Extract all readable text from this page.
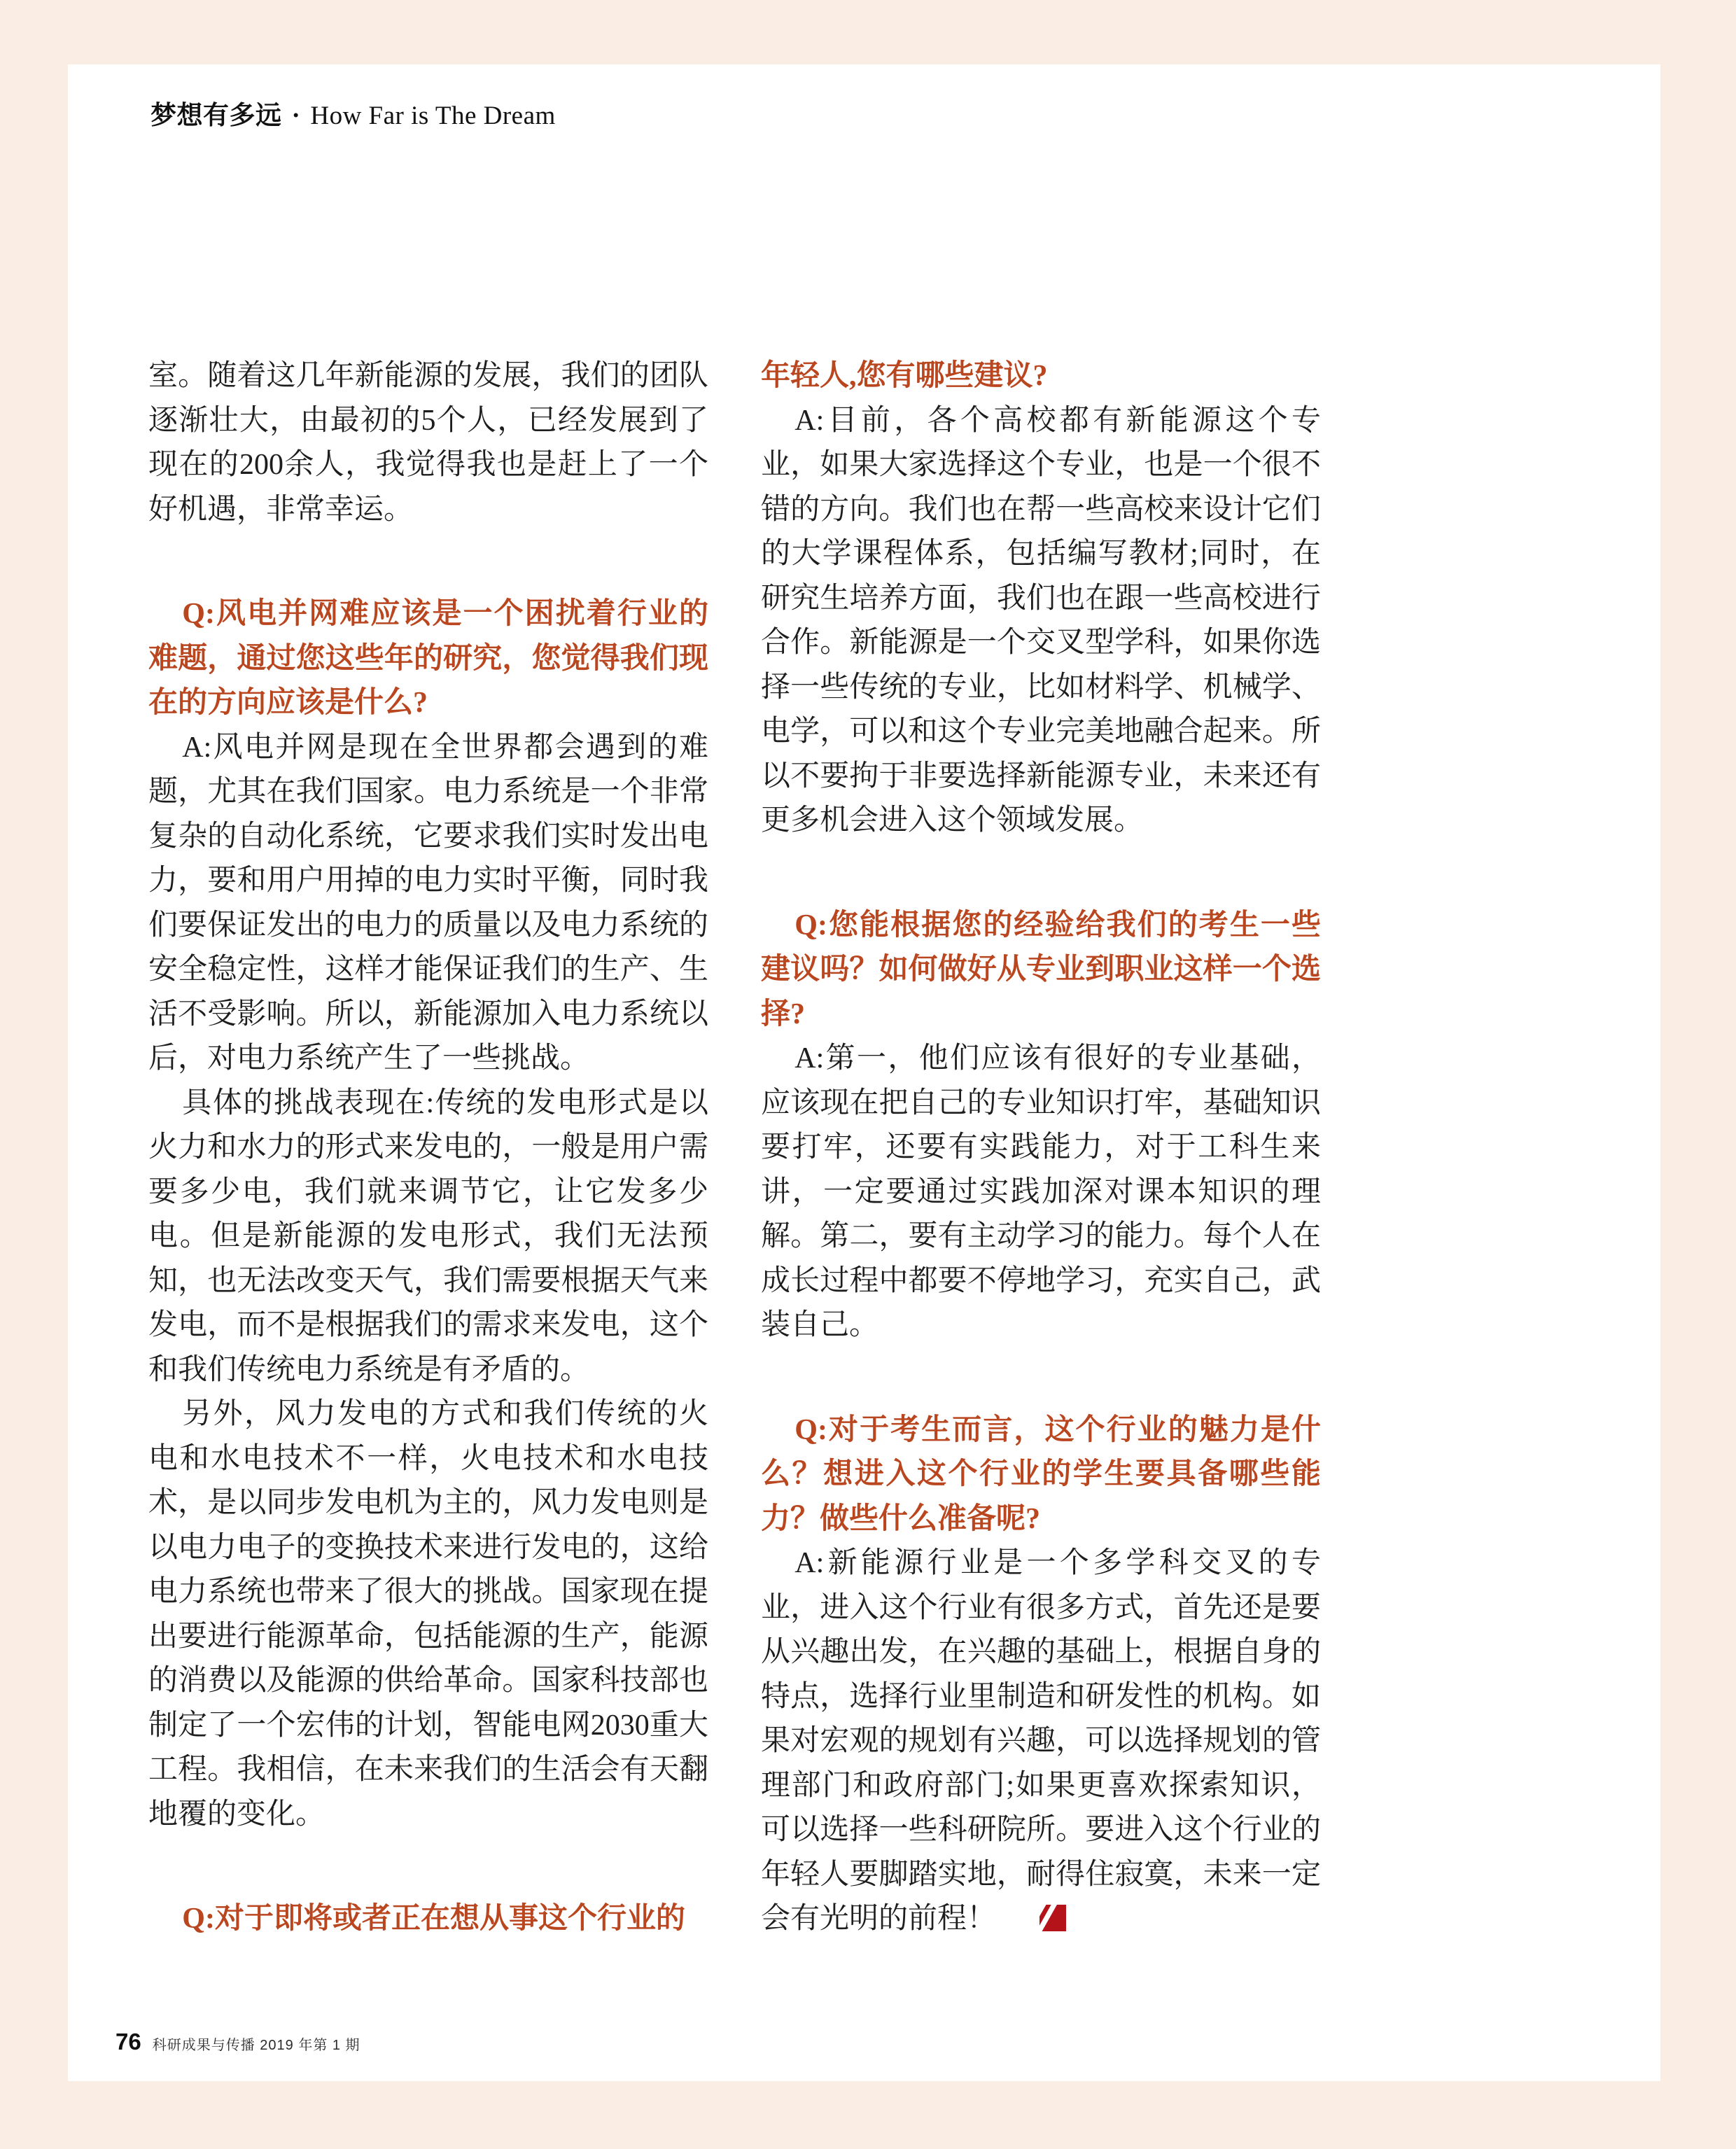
梦想有多远 · How Far is The Dream

室。随着这几年新能源的发展，我们的团队逐渐壮大，由最初的5个人，已经发展到了现在的200余人，我觉得我也是赶上了一个好机遇，非常幸运。

Q:风电并网难应该是一个困扰着行业的难题，通过您这些年的研究，您觉得我们现在的方向应该是什么?

A:风电并网是现在全世界都会遇到的难题，尤其在我们国家。电力系统是一个非常复杂的自动化系统，它要求我们实时发出电力，要和用户用掉的电力实时平衡，同时我们要保证发出的电力的质量以及电力系统的安全稳定性，这样才能保证我们的生产、生活不受影响。所以，新能源加入电力系统以后，对电力系统产生了一些挑战。

具体的挑战表现在:传统的发电形式是以火力和水力的形式来发电的，一般是用户需要多少电，我们就来调节它，让它发多少电。但是新能源的发电形式，我们无法预知，也无法改变天气，我们需要根据天气来发电，而不是根据我们的需求来发电，这个和我们传统电力系统是有矛盾的。

另外，风力发电的方式和我们传统的火电和水电技术不一样，火电技术和水电技术，是以同步发电机为主的，风力发电则是以电力电子的变换技术来进行发电的，这给电力系统也带来了很大的挑战。国家现在提出要进行能源革命，包括能源的生产，能源的消费以及能源的供给革命。国家科技部也制定了一个宏伟的计划，智能电网2030重大工程。我相信，在未来我们的生活会有天翻地覆的变化。

Q:对于即将或者正在想从事这个行业的

年轻人,您有哪些建议?

A:目前，各个高校都有新能源这个专业，如果大家选择这个专业，也是一个很不错的方向。我们也在帮一些高校来设计它们的大学课程体系，包括编写教材;同时，在研究生培养方面，我们也在跟一些高校进行合作。新能源是一个交叉型学科，如果你选择一些传统的专业，比如材料学、机械学、电学，可以和这个专业完美地融合起来。所以不要拘于非要选择新能源专业，未来还有更多机会进入这个领域发展。

Q:您能根据您的经验给我们的考生一些建议吗？如何做好从专业到职业这样一个选择?

A:第一，他们应该有很好的专业基础，应该现在把自己的专业知识打牢，基础知识要打牢，还要有实践能力，对于工科生来讲，一定要通过实践加深对课本知识的理解。第二，要有主动学习的能力。每个人在成长过程中都要不停地学习，充实自己，武装自己。

Q:对于考生而言，这个行业的魅力是什么？想进入这个行业的学生要具备哪些能力？做些什么准备呢?

A:新能源行业是一个多学科交叉的专业，进入这个行业有很多方式，首先还是要从兴趣出发，在兴趣的基础上，根据自身的特点，选择行业里制造和研发性的机构。如果对宏观的规划有兴趣，可以选择规划的管理部门和政府部门;如果更喜欢探索知识，可以选择一些科研院所。要进入这个行业的年轻人要脚踏实地，耐得住寂寞，未来一定会有光明的前程！

76 科研成果与传播 2019 年第 1 期
